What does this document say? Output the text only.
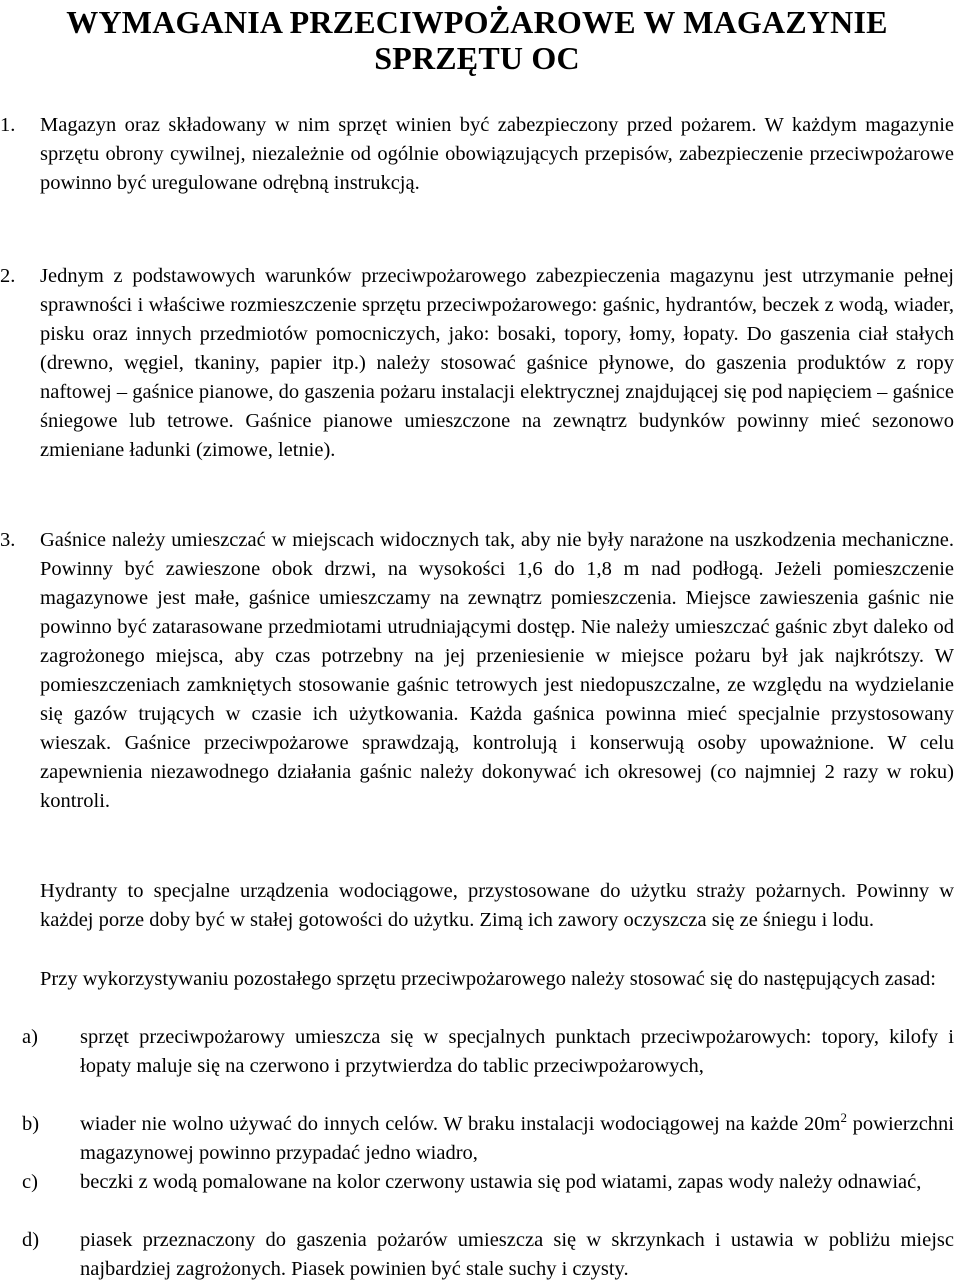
WYMAGANIA PRZECIWPOŻAROWE W MAGAZYNIE
SPRZĘTU OC
1.	Magazyn oraz składowany w nim sprzęt winien być zabezpieczony przed pożarem. W każdym magazynie sprzętu obrony cywilnej, niezależnie od ogólnie obowiązujących przepisów, zabezpieczenie przeciwpożarowe powinno być uregulowane odrębną instrukcją.

2.	Jednym z podstawowych warunków przeciwpożarowego zabezpieczenia magazynu jest utrzymanie pełnej sprawności i właściwe rozmieszczenie sprzętu przeciwpożarowego: gaśnic, hydrantów, beczek z wodą, wiader, pisku oraz innych przedmiotów pomocniczych, jako: bosaki, topory, łomy, łopaty. Do gaszenia ciał stałych (drewno, węgiel, tkaniny, papier itp.) należy stosować gaśnice płynowe, do gaszenia produktów z ropy naftowej – gaśnice pianowe, do gaszenia pożaru instalacji elektrycznej znajdującej się pod napięciem – gaśnice śniegowe lub tetrowe. Gaśnice pianowe umieszczone na zewnątrz budynków powinny mieć sezonowo zmieniane ładunki (zimowe, letnie).

3.	Gaśnice należy umieszczać w miejscach widocznych tak, aby nie były narażone na uszkodzenia mechaniczne. Powinny być zawieszone obok drzwi, na wysokości 1,6 do 1,8 m nad podłogą. Jeżeli pomieszczenie magazynowe jest małe, gaśnice umieszczamy na zewnątrz pomieszczenia. Miejsce zawieszenia gaśnic nie powinno być zatarasowane przedmiotami utrudniającymi dostęp. Nie należy umieszczać gaśnic zbyt daleko od zagrożonego miejsca, aby czas potrzebny na jej przeniesienie w miejsce pożaru był jak najkrótszy. W pomieszczeniach zamkniętych stosowanie gaśnic tetrowych jest niedopuszczalne, ze względu na wydzielanie się gazów trujących w czasie ich użytkowania. Każda gaśnica powinna mieć specjalnie przystosowany wieszak. Gaśnice przeciwpożarowe sprawdzają, kontrolują i konserwują osoby upoważnione. W celu zapewnienia niezawodnego działania gaśnic należy dokonywać ich okresowej (co najmniej 2 razy w roku) kontroli.

Hydranty to specjalne urządzenia wodociągowe, przystosowane do użytku straży pożarnych. Powinny w każdej porze doby być w stałej gotowości do użytku. Zimą ich zawory oczyszcza się ze śniegu i lodu.

Przy wykorzystywaniu pozostałego sprzętu przeciwpożarowego należy stosować się do następujących zasad:

a)	sprzęt przeciwpożarowy umieszcza się w specjalnych punktach przeciwpożarowych: topory, kilofy i łopaty maluje się na czerwono i przytwierdza do tablic przeciwpożarowych,
b)	wiader nie wolno używać do innych celów. W braku instalacji wodociągowej na każde $20m^2$ powierzchni magazynowej powinno przypadać jedno wiadro,
c)	beczki z wodą pomalowane na kolor czerwony ustawia się pod wiatami, zapas wody należy odnawiać,
d)	piasek przeznaczony do gaszenia pożarów umieszcza się w skrzynkach i ustawia w pobliżu miejsc najbardziej zagrożonych. Piasek powinien być stale suchy i czysty.
